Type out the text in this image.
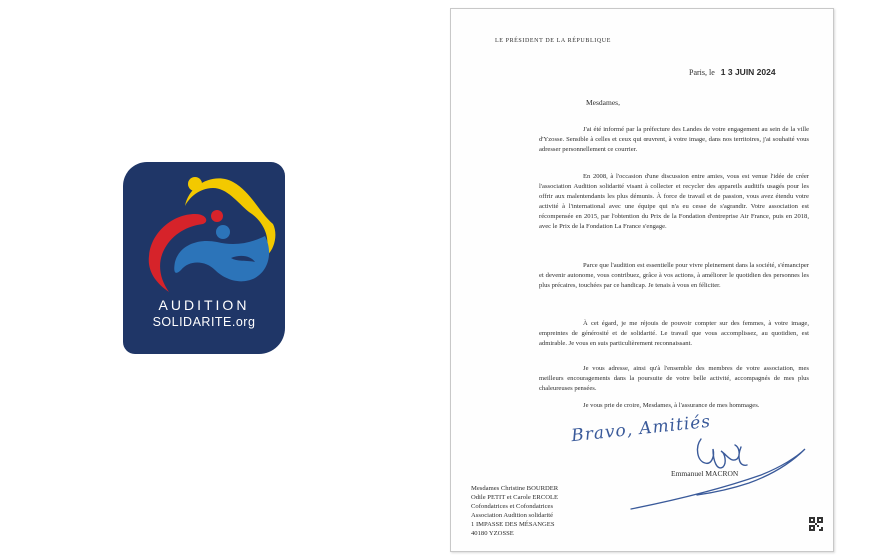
AUDITION
SOLIDARITE.org
LE PRÉSIDENT DE LA RÉPUBLIQUE
Paris, le 1 3 JUIN 2024
Mesdames,

J'ai été informé par la préfecture des Landes de votre engagement au sein de la ville d'Yzosse. Sensible à celles et ceux qui œuvrent, à votre image, dans nos territoires, j'ai souhaité vous adresser personnellement ce courrier.

En 2008, à l'occasion d'une discussion entre amies, vous est venue l'idée de créer l'association Audition solidarité visant à collecter et recycler des appareils auditifs usagés pour les offrir aux malentendants les plus démunis. À force de travail et de passion, vous avez étendu votre activité à l'international avec une équipe qui n'a eu cesse de s'agrandir. Votre association est récompensée en 2015, par l'obtention du Prix de la Fondation d'entreprise Air France, puis en 2018, avec le Prix de la Fondation La France s'engage.

Parce que l'audition est essentielle pour vivre pleinement dans la société, s'émanciper et devenir autonome, vous contribuez, grâce à vos actions, à améliorer le quotidien des personnes les plus précaires, touchées par ce handicap. Je tenais à vous en féliciter.

À cet égard, je me réjouis de pouvoir compter sur des femmes, à votre image, empreintes de générosité et de solidarité. Le travail que vous accomplissez, au quotidien, est admirable. Je vous en suis particulièrement reconnaissant.

Je vous adresse, ainsi qu'à l'ensemble des membres de votre association, mes meilleurs encouragements dans la poursuite de votre belle activité, accompagnés de mes plus chaleureuses pensées.

Je vous prie de croire, Mesdames, à l'assurance de mes hommages.

Bravo, Amitiés
Emmanuel MACRON
Mesdames Christine BOURDER
Odile PETIT et Carole ERCOLE
Cofondatrices et Cofondatrices
Association Audition solidarité
1 IMPASSE DES MÉSANGES
40180 YZOSSE
